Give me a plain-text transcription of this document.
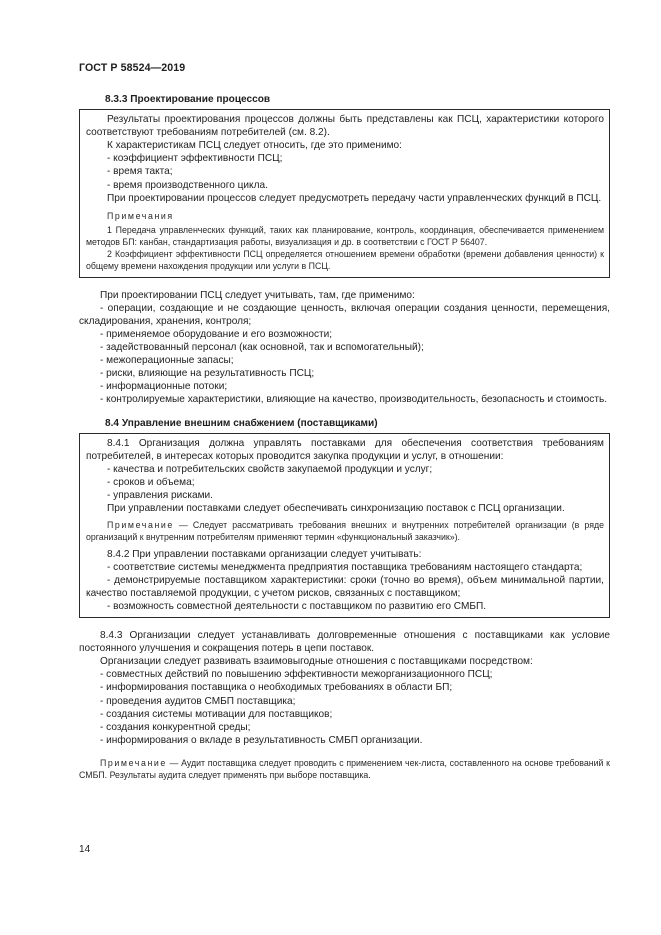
ГОСТ Р 58524—2019
8.3.3 Проектирование процессов

Результаты проектирования процессов должны быть представлены как ПСЦ, характеристики которого соответствуют требованиям потребителей (см. 8.2).

К характеристикам ПСЦ следует относить, где это применимо:

- коэффициент эффективности ПСЦ;

- время такта;

- время производственного цикла.

При проектировании процессов следует предусмотреть передачу части управленческих функций в ПСЦ.

Примечания

1 Передача управленческих функций, таких как планирование, контроль, координация, обеспечивается применением методов БП: канбан, стандартизация работы, визуализация и др. в соответствии с ГОСТ Р 56407.

2 Коэффициент эффективности ПСЦ определяется отношением времени обработки (времени добавления ценности) к общему времени нахождения продукции или услуги в ПСЦ.

При проектировании ПСЦ следует учитывать, там, где применимо:

- операции, создающие и не создающие ценность, включая операции создания ценности, перемещения, складирования, хранения, контроля;

- применяемое оборудование и его возможности;

- задействованный персонал (как основной, так и вспомогательный);

- межоперационные запасы;

- риски, влияющие на результативность ПСЦ;

- информационные потоки;

- контролируемые характеристики, влияющие на качество, производительность, безопасность и стоимость.

8.4 Управление внешним снабжением (поставщиками)

8.4.1 Организация должна управлять поставками для обеспечения соответствия требованиям потребителей, в интересах которых проводится закупка продукции и услуг, в отношении:

- качества и потребительских свойств закупаемой продукции и услуг;

- сроков и объема;

- управления рисками.

При управлении поставками следует обеспечивать синхронизацию поставок с ПСЦ организации.

Примечание — Следует рассматривать требования внешних и внутренних потребителей организации (в ряде организаций к внутренним потребителям применяют термин «функциональный заказчик»).

8.4.2 При управлении поставками организации следует учитывать:

- соответствие системы менеджмента предприятия поставщика требованиям настоящего стандарта;

- демонстрируемые поставщиком характеристики: сроки (точно во время), объем минимальной партии, качество поставляемой продукции, с учетом рисков, связанных с поставщиком;

- возможность совместной деятельности с поставщиком по развитию его СМБП.

8.4.3 Организации следует устанавливать долговременные отношения с поставщиками как условие постоянного улучшения и сокращения потерь в цепи поставок.

Организации следует развивать взаимовыгодные отношения с поставщиками посредством:

- совместных действий по повышению эффективности межорганизационного ПСЦ;

- информирования поставщика о необходимых требованиях в области БП;

- проведения аудитов СМБП поставщика;

- создания системы мотивации для поставщиков;

- создания конкурентной среды;

- информирования о вкладе в результативность СМБП организации.

Примечание — Аудит поставщика следует проводить с применением чек-листа, составленного на основе требований к СМБП. Результаты аудита следует применять при выборе поставщика.

14
